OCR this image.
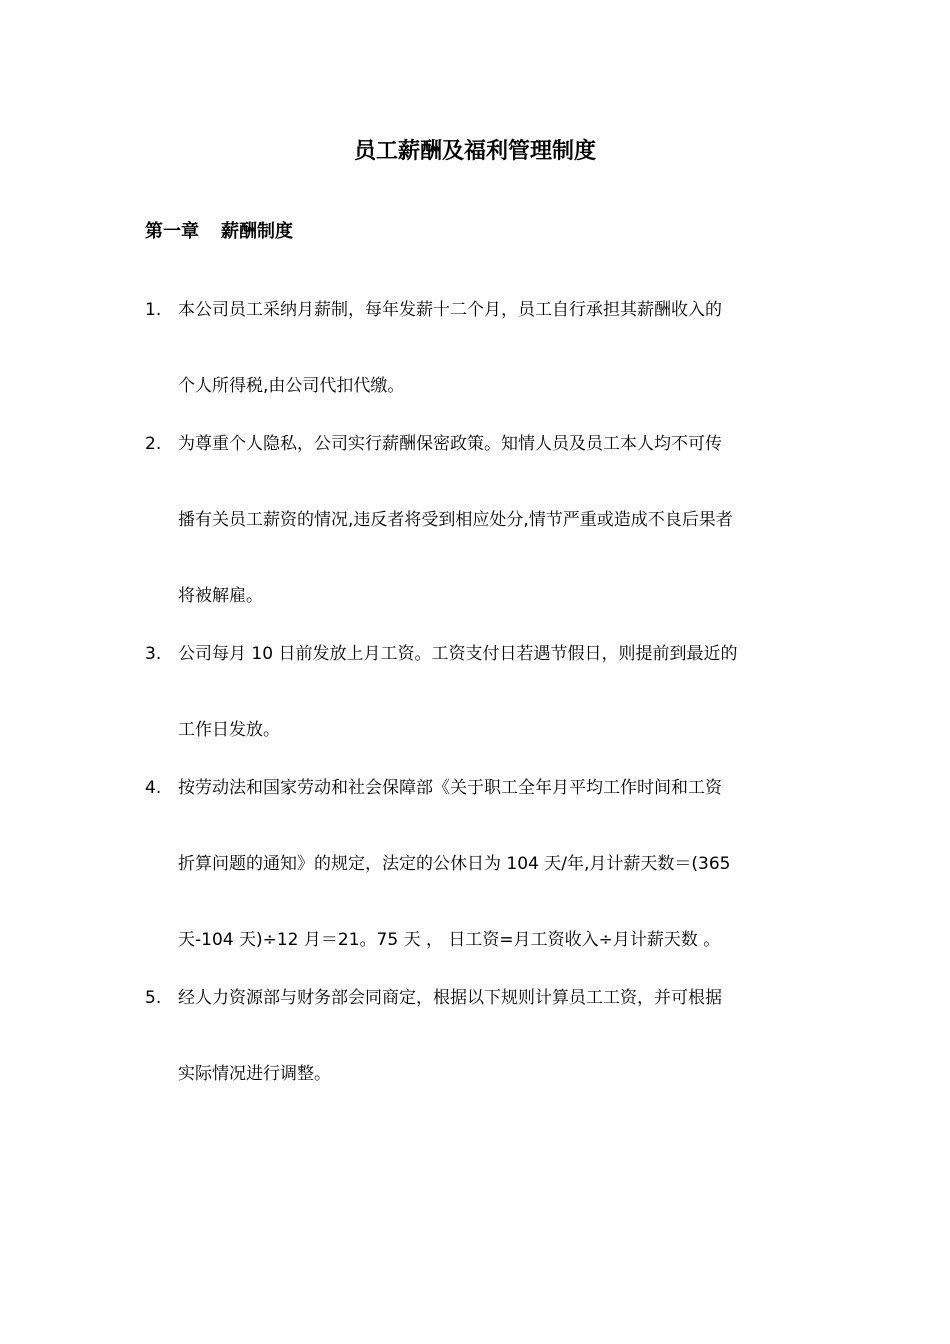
员工薪酬及福利管理制度
第一章 薪酬制度
1. 本公司员工采纳月薪制，每年发薪十二个月，员工自行承担其薪酬收入的
个人所得税,由公司代扣代缴。
2. 为尊重个人隐私，公司实行薪酬保密政策。知情人员及员工本人均不可传
播有关员工薪资的情况,违反者将受到相应处分,情节严重或造成不良后果者
将被解雇。
3. 公司每月 10 日前发放上月工资。工资支付日若遇节假日，则提前到最近的
工作日发放。
4. 按劳动法和国家劳动和社会保障部《关于职工全年月平均工作时间和工资
折算问题的通知》的规定，法定的公休日为 104 天/年,月计薪天数＝(365
天-104 天)÷12 月＝21。75 天 ， 日工资=月工资收入÷月计薪天数 。
5. 经人力资源部与财务部会同商定，根据以下规则计算员工工资，并可根据
实际情况进行调整。
